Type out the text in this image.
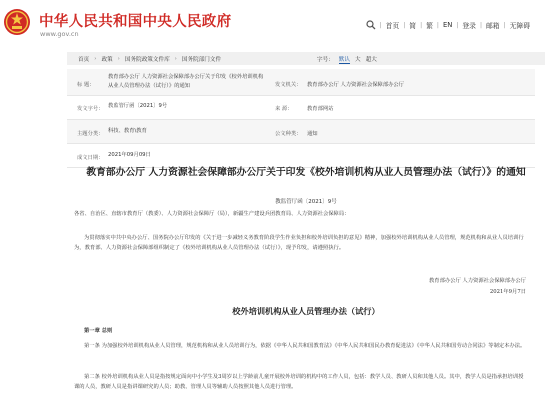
中华人民共和国中央人民政府
www.gov.cn
| 首页 | 简 | 繁 | EN | 登录 | 邮箱 | 无障碍
首页 › 政策 › 国务院政策文件库 › 国务院部门文件	字号： 默认 大 超大
标 题：
教育部办公厅 人力资源社会保障部办公厅关于印发《校外培训机构从业人员管理办法（试行）》的通知	发文机关： 教育部办公厅 人力资源社会保障部办公厅
发文字号： 教监管厅函〔2021〕9号	来 源：	教育部网站
主题分类： 科技、教育\教育	公文种类： 通知
成文日期： 2021年09月09日
教育部办公厅 人力资源社会保障部办公厅关于印发《校外培训机构从业人员管理办法（试行）》的通知
教监管厅函〔2021〕9号
各省、自治区、直辖市教育厅（教委）、人力资源社会保障厅（局），新疆生产建设兵团教育局、人力资源社会保障局：
为贯彻落实中共中央办公厅、国务院办公厅印发的《关于进一步减轻义务教育阶段学生作业负担和校外培训负担的意见》精神，加强校外培训机构从业人员管理，规范机构和从业人员培训行为，教育部、人力资源社会保障部组织制定了《校外培训机构从业人员管理办法（试行）》，现予印发，请遵照执行。
教育部办公厅 人力资源社会保障部办公厅
2021年9月7日
校外培训机构从业人员管理办法（试行）
第一章 总则
第一条 为加强校外培训机构从业人员管理，规范机构和从业人员培训行为，依据《中华人民共和国教育法》《中华人民共和国民办教育促进法》《中华人民共和国劳动合同法》等制定本办法。
第二条 校外培训机构从业人员是指按规定面向中小学生及3周岁以上学龄前儿童开展校外培训的机构中的工作人员，包括：教学人员、教研人员和其他人员。其中，教学人员是指承担培训授课的人员，教研人员是指讲课研究的人员；助教、管理人员等辅助人员按照其他人员进行管理。
